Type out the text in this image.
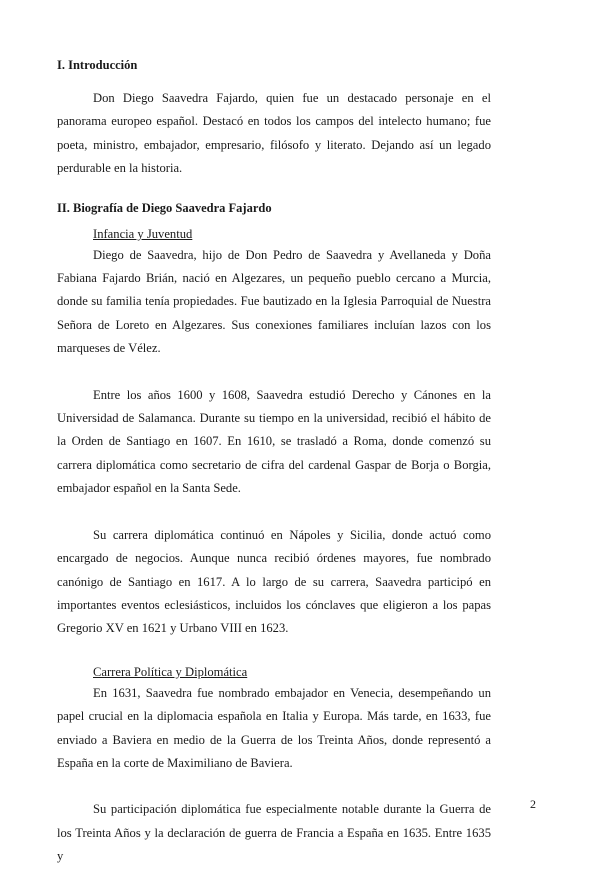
I. Introducción

Don Diego Saavedra Fajardo, quien fue un destacado personaje en el panorama europeo español. Destacó en todos los campos del intelecto humano; fue poeta, ministro, embajador, empresario, filósofo y literato. Dejando así un legado perdurable en la historia.

II. Biografía de Diego Saavedra Fajardo
Infancia y Juventud

Diego de Saavedra, hijo de Don Pedro de Saavedra y Avellaneda y Doña Fabiana Fajardo Brián, nació en Algezares, un pequeño pueblo cercano a Murcia, donde su familia tenía propiedades. Fue bautizado en la Iglesia Parroquial de Nuestra Señora de Loreto en Algezares. Sus conexiones familiares incluían lazos con los marqueses de Vélez.

Entre los años 1600 y 1608, Saavedra estudió Derecho y Cánones en la Universidad de Salamanca. Durante su tiempo en la universidad, recibió el hábito de la Orden de Santiago en 1607. En 1610, se trasladó a Roma, donde comenzó su carrera diplomática como secretario de cifra del cardenal Gaspar de Borja o Borgia, embajador español en la Santa Sede.

Su carrera diplomática continuó en Nápoles y Sicilia, donde actuó como encargado de negocios. Aunque nunca recibió órdenes mayores, fue nombrado canónigo de Santiago en 1617. A lo largo de su carrera, Saavedra participó en importantes eventos eclesiásticos, incluidos los cónclaves que eligieron a los papas Gregorio XV en 1621 y Urbano VIII en 1623.

Carrera Política y Diplomática

En 1631, Saavedra fue nombrado embajador en Venecia, desempeñando un papel crucial en la diplomacia española en Italia y Europa. Más tarde, en 1633, fue enviado a Baviera en medio de la Guerra de los Treinta Años, donde representó a España en la corte de Maximiliano de Baviera.

Su participación diplomática fue especialmente notable durante la Guerra de los Treinta Años y la declaración de guerra de Francia a España en 1635. Entre 1635 y

2
